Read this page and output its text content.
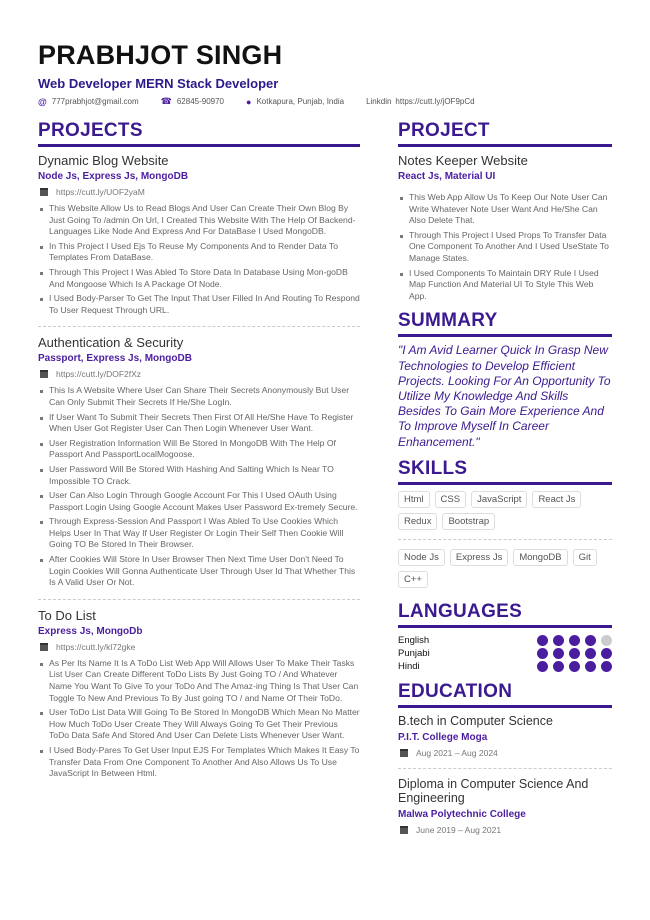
PRABHJOT SINGH
Web Developer MERN Stack Developer
@ 777prabhjot@gmail.com ☎ 62845-90970 ● Kotkapura, Punjab, India	Linkdin https://cutt.ly/jOF9pCd
PROJECTS
Dynamic Blog Website
Node Js, Express Js, MongoDB
https://cutt.ly/UOF2yaM
This Website Allow Us to Read Blogs And User Can Create Their Own Blog By Just Going To /admin On Url, I Created This Website With The Help Of Backend- Languages Like Node And Express And For DataBase I Used MongoDB.
In This Project I Used Ejs To Reuse My Components And to Render Data To Templates From DataBase.
Through This Project I Was Abled To Store Data In Database Using Mon-goDB And Mongoose Which Is A Package Of Node.
I Used Body-Parser To Get The Input That User Filled In And Routing To Respond To User Request Through URL.
Authentication & Security
Passport, Express Js, MongoDB
https://cutt.ly/DOF2fXz
This Is A Website Where User Can Share Their Secrets Anonymously But User Can Only Submit Their Secrets If He/She LogIn.
If User Want To Submit Their Secrets Then First Of All He/She Have To Register When User Got Register User Can Then Login Whenever User Want.
User Registration Information Will Be Stored In MongoDB With The Help Of Passport And PassportLocalMogoose.
User Password Will Be Stored With Hashing And Salting Which Is Near TO Impossible TO Crack.
User Can Also Login Through Google Account For This I Used OAuth Using Passport Login Using Google Account Makes User Password Ex-tremely Secure.
Through Express-Session And Passport I Was Abled To Use Cookies Which Helps User In That Way If User Register Or Login Their Self Then Cookie Will Going TO Be Stored In Their Browser.
After Cookies Will Store In User Browser Then Next Time User Don't Need To Login Cookies Will Gonna Authenticate User Through User Id That Whether This Is A Valid User Or Not.
To Do List
Express Js, MongoDb
https://cutt.ly/kl72gke
As Per Its Name It Is A ToDo List Web App Will Allows User To Make Their Tasks List User Can Create Different ToDo Lists By Just Going TO / And Whatever Name You Want To Give To your ToDo And The Amaz-ing Thing Is That User Can Toggle To New And Previous To By Just going TO / and Name Of Their ToDo.
User ToDo List Data Will Going To Be Stored In MongoDB Which Mean No Matter How Much ToDo User Create They Will Always Going To Get Their Previous ToDo Data Safe And Stored And User Can Delete Lists Whenever User Want.
I Used Body-Pares To Get User Input EJS For Templates Which Makes It Easy To Transfer Data From One Component To Another And Also Allows Us To Use JavaScript In Between Html.
PROJECT
Notes Keeper Website
React Js, Material UI
This Web App Allow Us To Keep Our Note User Can Write Whatever Note User Want And He/She Can Also Delete That.
Through This Project I Used Props To Transfer Data One Component To Another And I Used UseState To Manage States.
I Used Components To Maintain DRY Rule I Used Map Function And Material UI To Style This Web App.
SUMMARY
"I Am Avid Learner Quick In Grasp New Technologies to Develop Efficient Projects. Looking For An Opportunity To Utilize My Knowledge And Skills Besides To Gain More Experience And To Improve Myself In Career Enhancement."
SKILLS
Html	CSS	JavaScript	React Js
Redux	Bootstrap
Node Js	Express Js	MongoDB	Git
C++
LANGUAGES
English
Punjabi
Hindi
EDUCATION
B.tech in Computer Science
P.I.T. College Moga
Aug 2021 – Aug 2024
Diploma in Computer Science And Engineering
Malwa Polytechnic College
June 2019 – Aug 2021
